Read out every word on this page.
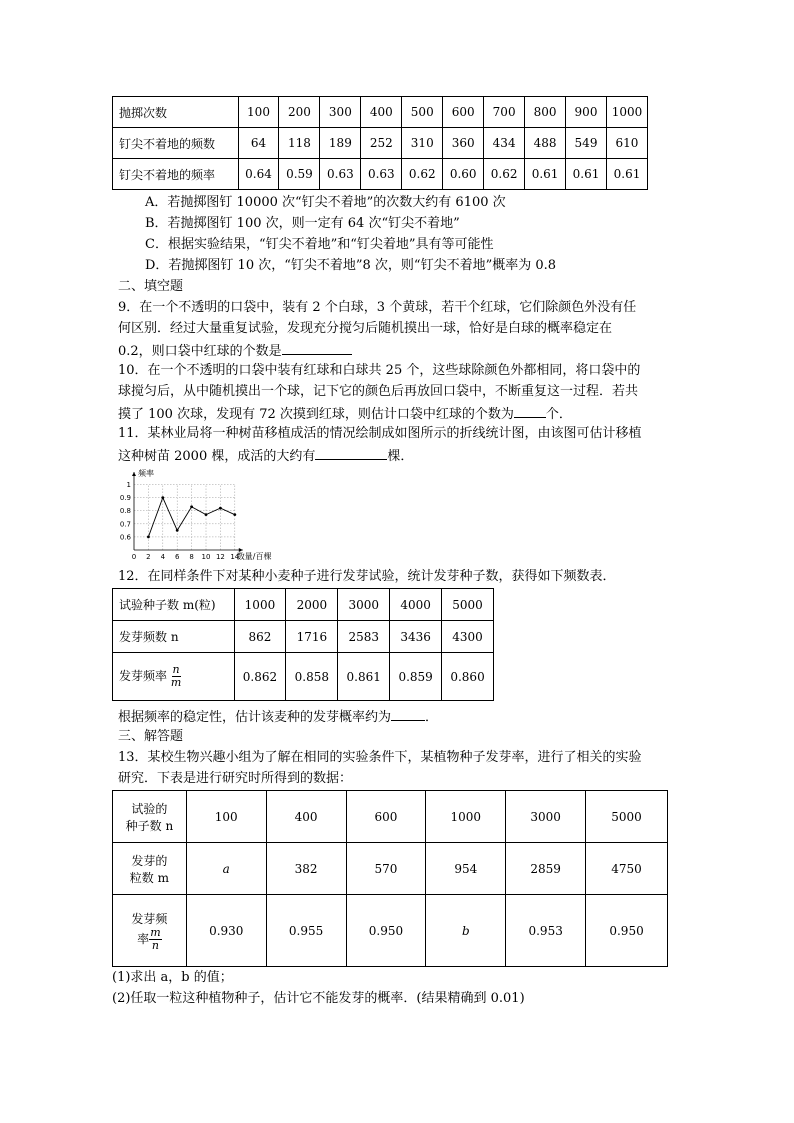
抛掷次数	100	200	300	400	500	600	700	800	900	1000
钉尖不着地的频数	64	118	189	252	310	360	434	488	549	610
钉尖不着地的频率	0.64	0.59	0.63	0.63	0.62	0.60	0.62	0.61	0.61	0.61
A．若抛掷图钉 10000 次“钉尖不着地”的次数大约有 6100 次
B．若抛掷图钉 100 次，则一定有 64 次“钉尖不着地”
C．根据实验结果，“钉尖不着地”和“钉尖着地”具有等可能性
D．若抛掷图钉 10 次，“钉尖不着地”8 次，则“钉尖不着地”概率为 0.8
二、填空题
9．在一个不透明的口袋中，装有 2 个白球，3 个黄球，若干个红球，它们除颜色外没有任
何区别．经过大量重复试验，发现充分搅匀后随机摸出一球，恰好是白球的概率稳定在
0.2，则口袋中红球的个数是
10．在一个不透明的口袋中装有红球和白球共 25 个，这些球除颜色外都相同，将口袋中的
球搅匀后，从中随机摸出一个球，记下它的颜色后再放回口袋中，不断重复这一过程．若共
摸了 100 次球，发现有 72 次摸到红球，则估计口袋中红球的个数为 个．
11．某林业局将一种树苗移植成活的情况绘制成如图所示的折线统计图，由该图可估计移植
这种树苗 2000 棵，成活的大约有	棵．
0 2 4 6 8 10 12 14
0.6
0.7
0.8
0.9
1
频率
数量/百棵
12．在同样条件下对某种小麦种子进行发芽试验，统计发芽种子数，获得如下频数表．
试验种子数 m(粒)	1000	2000	3000	4000	5000
发芽频数 n	862	1716	2583	3436	4300
发芽频率 $\frac{n}{m}$	0.862	0.858	0.861	0.859	0.860
根据频率的稳定性，估计该麦种的发芽概率约为	．
三、解答题
13．某校生物兴趣小组为了解在相同的实验条件下，某植物种子发芽率，进行了相关的实验
研究．下表是进行研究时所得到的数据：
试验的
种子数 n	100	400	600	1000	3000	5000

发芽的
粒数 m	a	382	570	954	2859	4750

发芽频
率 $\frac{m}{n}$	0.930	0.955	0.950	b	0.953	0.950
(1)求出 a，b 的值；
(2)任取一粒这种植物种子，估计它不能发芽的概率．(结果精确到 0.01)
